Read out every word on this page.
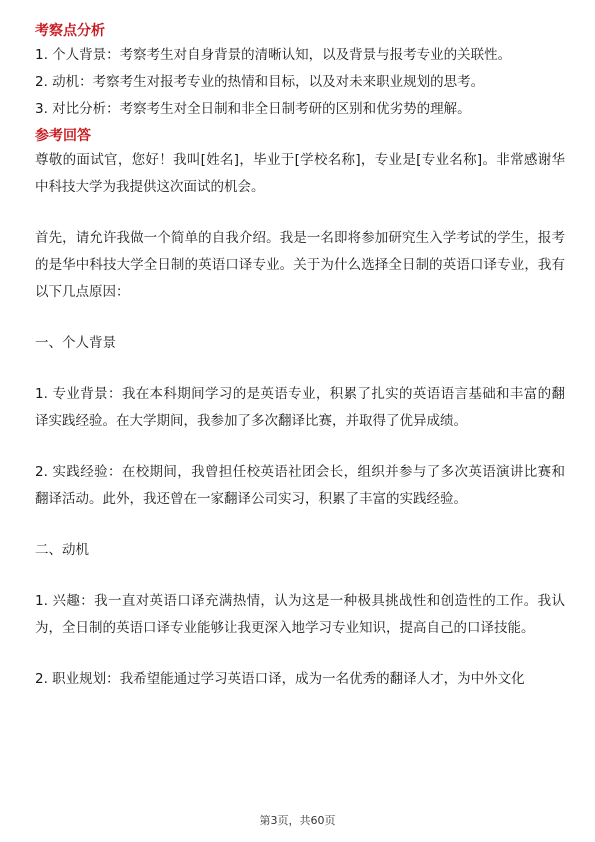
考察点分析

1. 个人背景：考察考生对自身背景的清晰认知，以及背景与报考专业的关联性。

2. 动机：考察考生对报考专业的热情和目标，以及对未来职业规划的思考。

3. 对比分析：考察考生对全日制和非全日制考研的区别和优劣势的理解。

参考回答

尊敬的面试官，您好！我叫[姓名]，毕业于[学校名称]，专业是[专业名称]。非常感谢华中科技大学为我提供这次面试的机会。

首先，请允许我做一个简单的自我介绍。我是一名即将参加研究生入学考试的学生，报考的是华中科技大学全日制的英语口译专业。关于为什么选择全日制的英语口译专业，我有以下几点原因：

一、个人背景

1. 专业背景：我在本科期间学习的是英语专业，积累了扎实的英语语言基础和丰富的翻译实践经验。在大学期间，我参加了多次翻译比赛，并取得了优异成绩。

2. 实践经验：在校期间，我曾担任校英语社团会长，组织并参与了多次英语演讲比赛和翻译活动。此外，我还曾在一家翻译公司实习，积累了丰富的实践经验。

二、动机

1. 兴趣：我一直对英语口译充满热情，认为这是一种极具挑战性和创造性的工作。我认为，全日制的英语口译专业能够让我更深入地学习专业知识，提高自己的口译技能。

2. 职业规划：我希望能通过学习英语口译，成为一名优秀的翻译人才，为中外文化

第3页，共60页
